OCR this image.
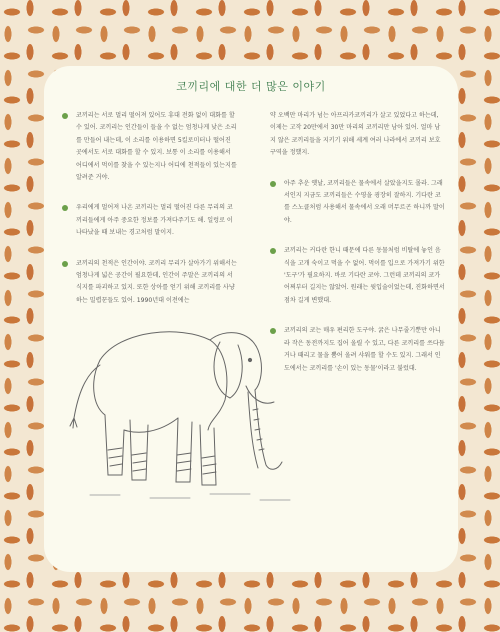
코끼리에 대한 더 많은 이야기
코끼리는 서로 멀리 떨어져 있어도 휴대 전화 없이 대화를 할 수 있어. 코끼리는 인간들이 들을 수 없는 엄청나게 낮은 소리를 만들어 내는데, 이 소리를 이용하면 5킬로미터나 떨어진 곳에서도 서로 대화를 할 수 있지. 보통 이 소리를 이용해서 어디에서 먹이를 찾을 수 있는지나 어디에 천적들이 있는지를 알려준 거야.
우리에게 멀어져 나온 코끼리는 멀리 떨어진 다른 무리의 코끼리들에게 아주 중요한 정보를 가져다주기도 해. 일렁로 이 나타났을 때 보내는 경고처럼 말이지.
코끼리의 천적은 인간이야. 코끼리 무리가 살아가기 위해서는 엄청나게 넓은 공간이 필요한데, 인간이 주말은 코끼리의 서식지를 파괴하고 있지. 또한 상아를 얻기 위해 코끼리를 사냥하는 밀렵꾼들도 있어. 1990년대 이전에는
약 오백만 마리가 넘는 아프리카코끼리가 살고 있었다고 하는데, 이제는 고작 20만에서 30만 마리의 코끼리만 남아 있어. 얼마 남지 않은 코끼리들을 지키기 위해 세계 여러 나라에서 코끼리 보호 구역을 정했지.
아주 추운 옛날, 코끼리들은 물속에서 살았을지도 몰라. 그래서인지 지금도 코끼리들은 수영을 굉장히 잘하지. 기다란 코를 스노클처럼 사용해서 물속에서 오래 머무르곤 하니까 말이야.
코끼리는 커다란 한니 때문에 다른 동물처럼 비탈에 놓인 음식을 고개 숙이고 먹을 수 없어. 먹이를 입으로 가져가기 위한 '도구'가 필요하지. 바로 기다란 코야. 그런데 코끼리의 코가 어쩌부터 길지는 않았어. 원래는 윗입술이었는데, 진화하면서 점차 길게 변했대.
코끼리의 코는 매우 편리한 도구야. 굵은 나무줄기뿐만 아니라 작은 동전까지도 집어 올릴 수 있고, 다른 코끼리를 쓰다듬거나 때리고 물을 뿜어 올려 샤워를 할 수도 있지. 그래서 인도에서는 코끼리를 '손이 있는 동물'이라고 불렀대.
